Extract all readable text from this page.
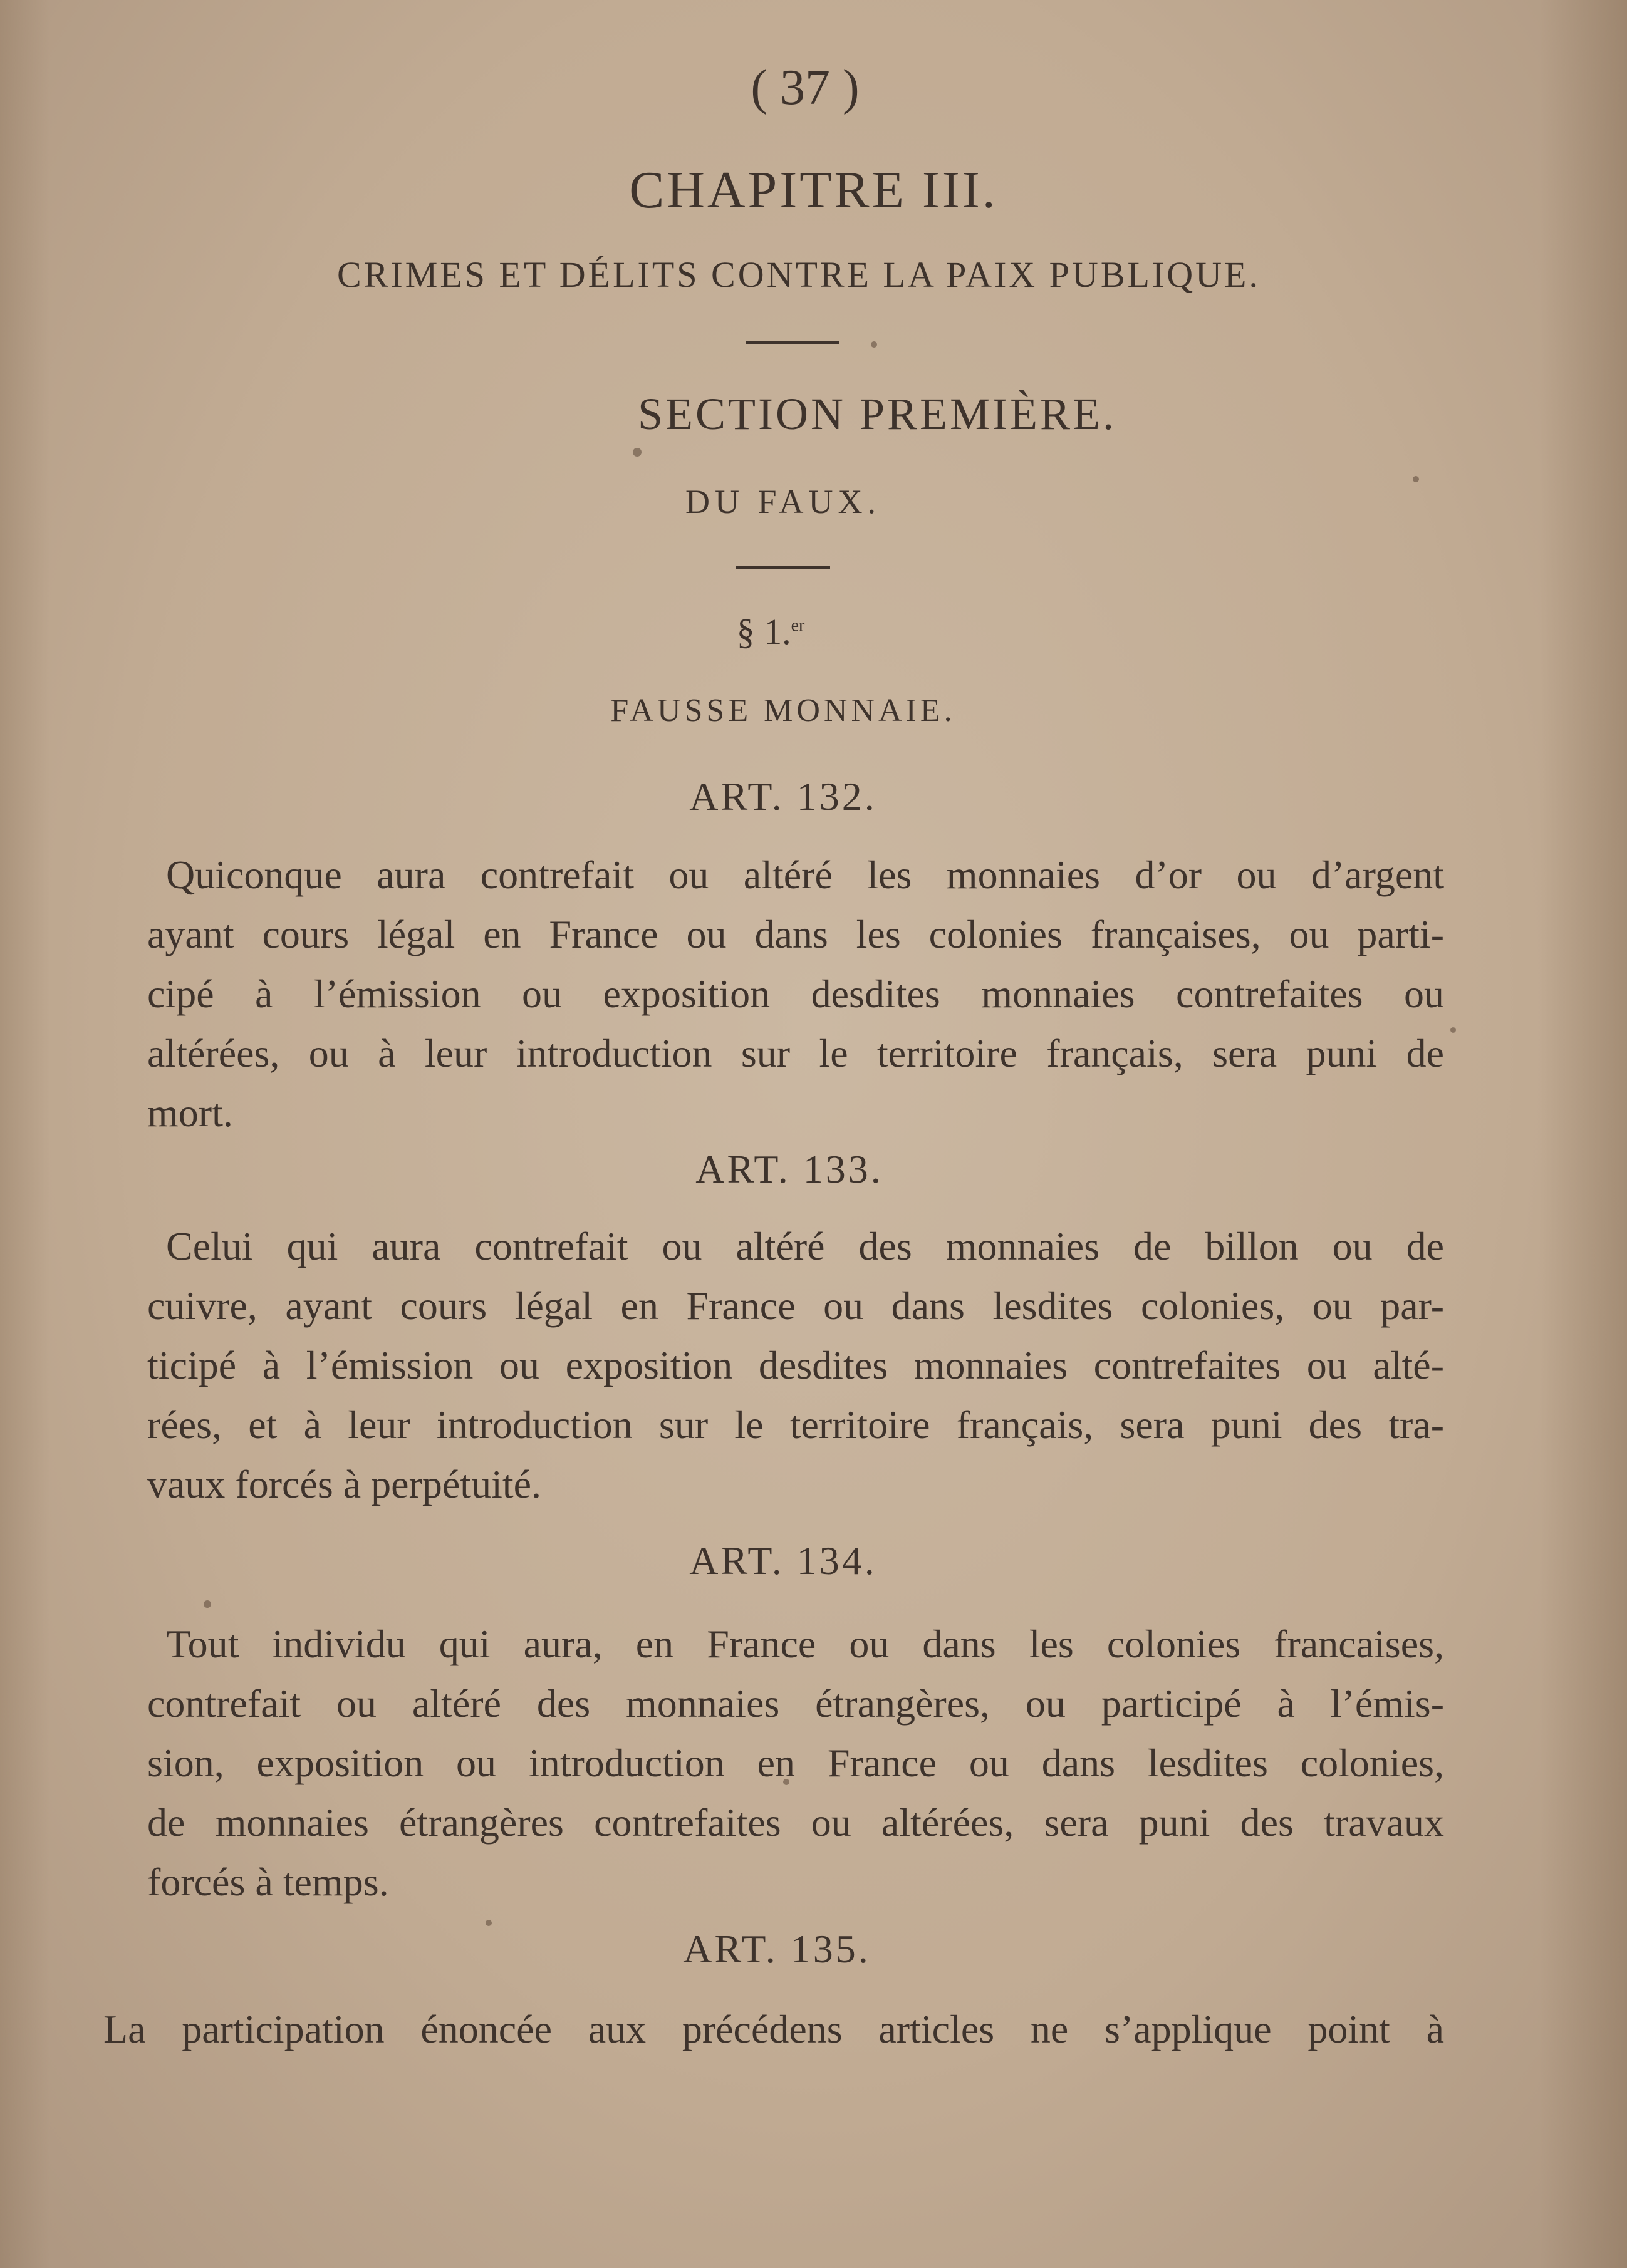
( 37 )
CHAPITRE III.
CRIMES ET DÉLITS CONTRE LA PAIX PUBLIQUE.
SECTION PREMIÈRE.
DU FAUX.
§ 1.$^{er}$
FAUSSE MONNAIE.
ART. 132.
Quiconque aura contrefait ou altéré les monnaies d’or ou d’argent
ayant cours légal en France ou dans les colonies françaises, ou parti-
cipé à l’émission ou exposition desdites monnaies contrefaites ou
altérées, ou à leur introduction sur le territoire français, sera puni de
mort.
ART. 133.
Celui qui aura contrefait ou altéré des monnaies de billon ou de
cuivre, ayant cours légal en France ou dans lesdites colonies, ou par-
ticipé à l’émission ou exposition desdites monnaies contrefaites ou alté-
rées, et à leur introduction sur le territoire français, sera puni des tra-
vaux forcés à perpétuité.
ART. 134.
Tout individu qui aura, en France ou dans les colonies francaises,
contrefait ou altéré des monnaies étrangères, ou participé à l’émis-
sion, exposition ou introduction en France ou dans lesdites colonies,
de monnaies étrangères contrefaites ou altérées, sera puni des travaux
forcés à temps.
ART. 135.
La participation énoncée aux précédens articles ne s’applique point à
